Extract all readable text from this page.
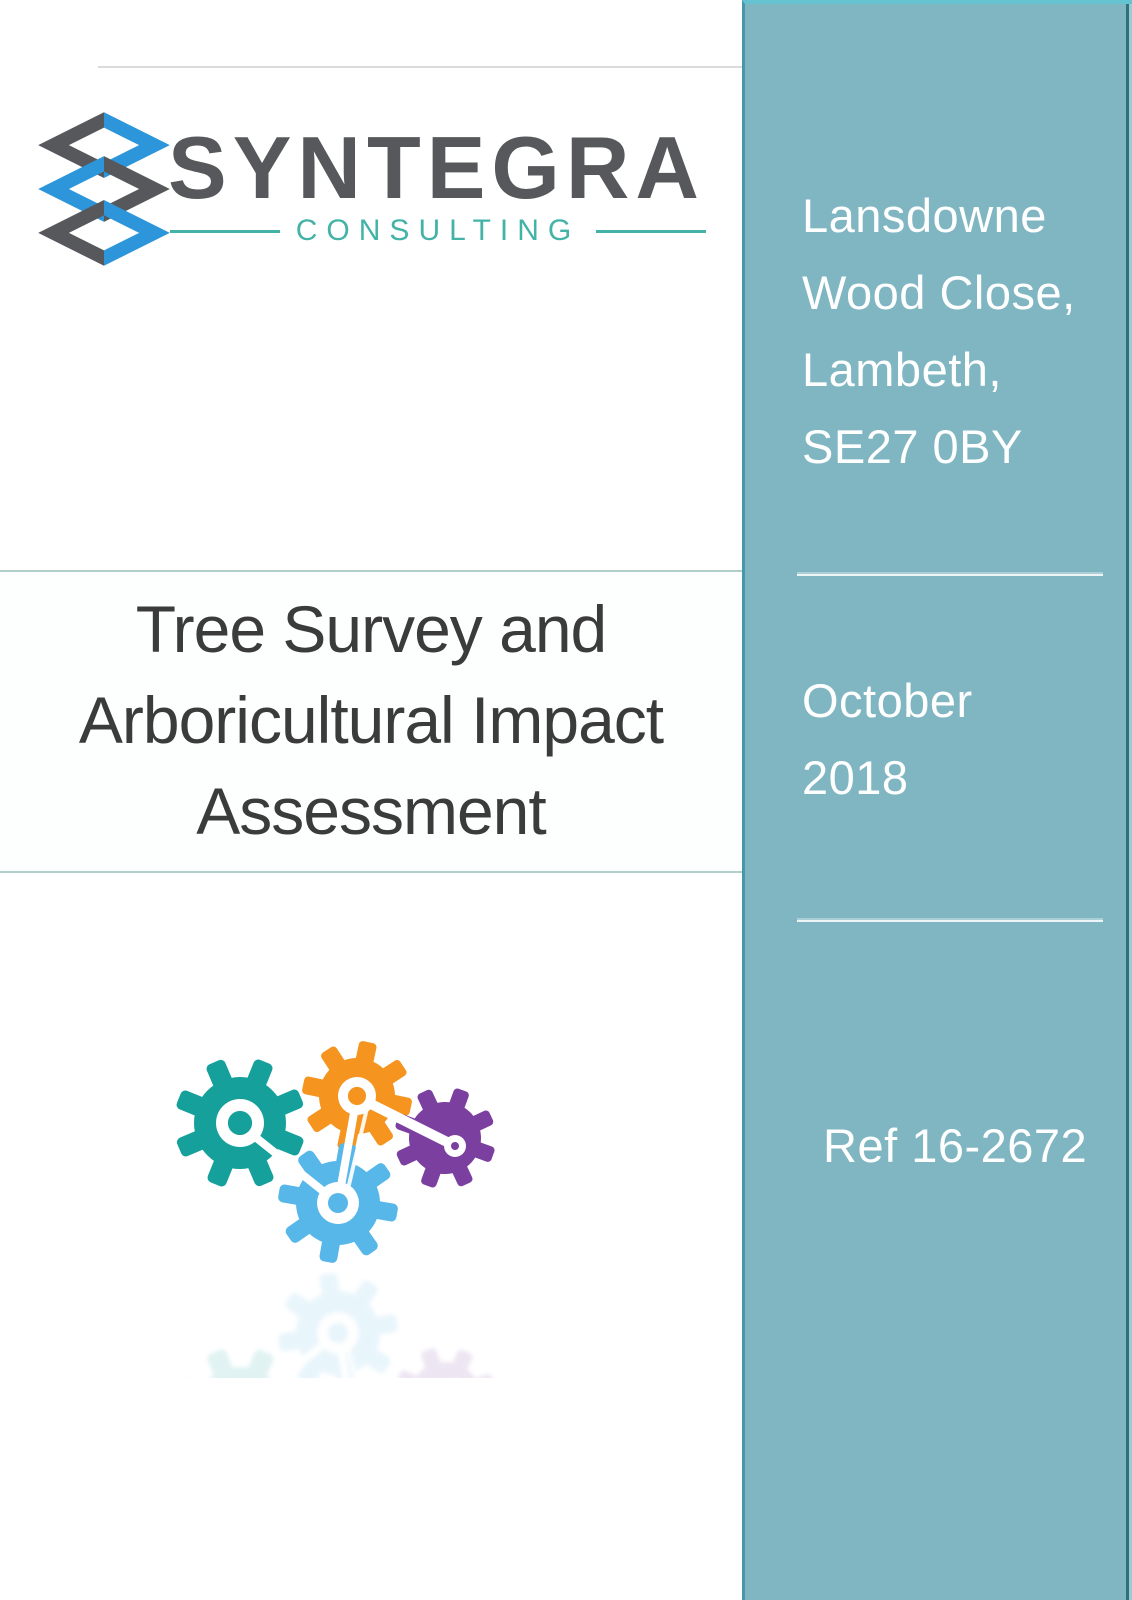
SYNTEGRA
CONSULTING
Tree Survey and
Arboricultural Impact
Assessment
Lansdowne
Wood Close,
Lambeth,
SE27 0BY
October
2018
Ref 16-2672
